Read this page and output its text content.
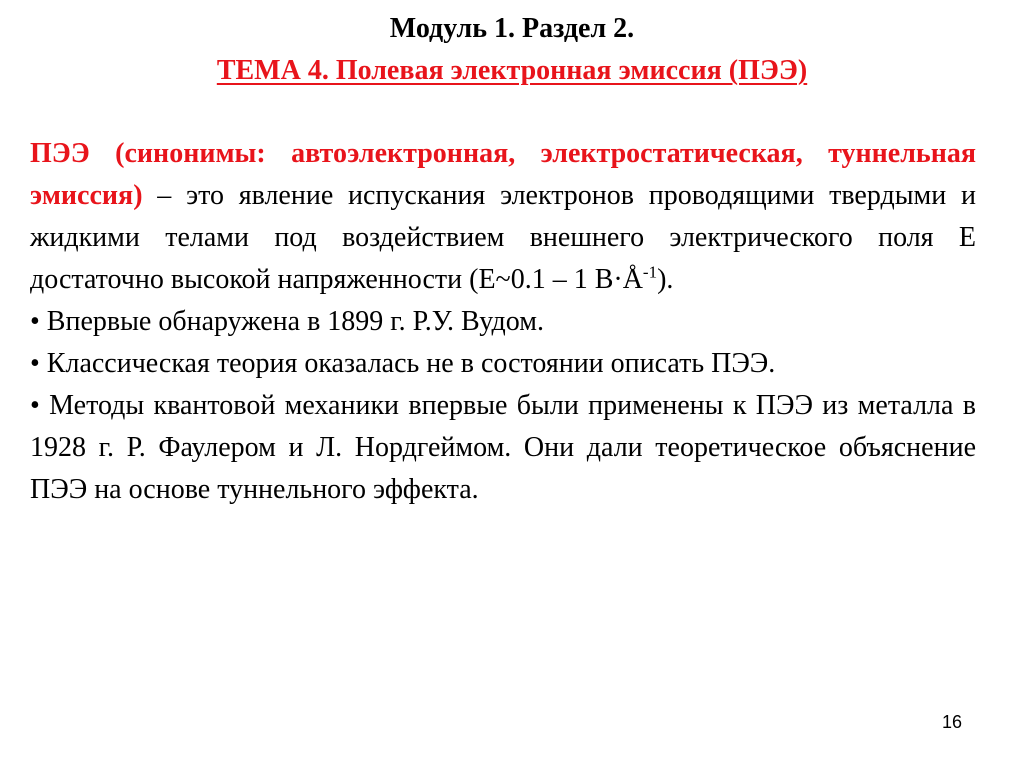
Модуль 1. Раздел 2.
ТЕМА 4. Полевая электронная эмиссия (ПЭЭ)

ПЭЭ (синонимы: автоэлектронная, электростатическая, туннельная эмиссия) – это явление испускания электронов проводящими твердыми и жидкими телами под воздействием внешнего электрического поля E достаточно высокой напряженности (E~0.1 – 1 $В\cdot Å^{-1}$).

• Впервые обнаружена в 1899 г. Р.У. Вудом.

• Классическая теория оказалась не в состоянии описать ПЭЭ.

• Методы квантовой механики впервые были применены к ПЭЭ из металла в 1928 г. Р. Фаулером и Л. Нордгеймом. Они дали теоретическое объяснение ПЭЭ на основе туннельного эффекта.

16
